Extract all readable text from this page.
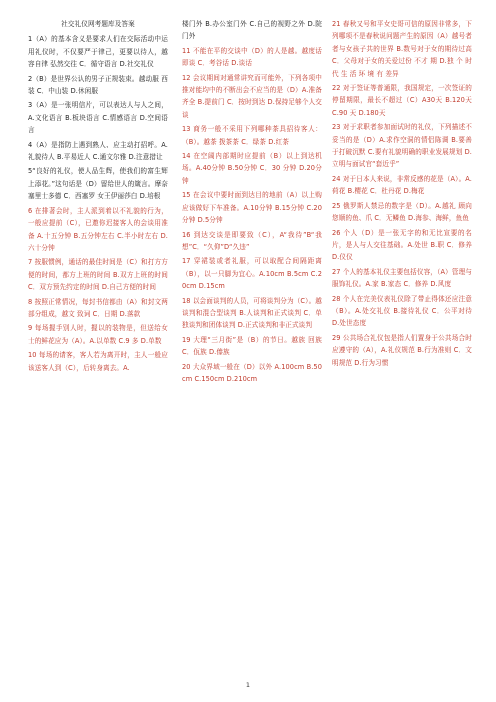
社交礼仪网考题库及答案

1（A）的基本含义是要求人们在交际活动中运用礼仪时，不仅要严于律己，更要以待人，越容自律 弘然交往 C．循守语言 D.社交礼仪

2（B）是世界公认的男子正规装束。越动服 西装 C．中山装 D.休闲服

3（A）是一张明信片，可以表达人与人之间，A.文化语言 B.板块语言 C.情感语言 D.空间语言

4（A）是指防上遇到熟人、应主动打招呼。A.礼貌待人 B.平易近人 C.通文尔雅 D.注意措让

5“良好的礼仪，使人品生辉，使我们的富生辉上添花。”这句话是（D）留给世人的箴言。摩奈 塞里士多德 C．西塞罗 女王伊丽莎白 D.培根

6 在排著会时，主人派到着以不礼貌的行为，一般应提前（C），已邀你迟接客人的会谈用准备 A.十五分钟 B.五分钟左右 C.半小时左右 D.六十分钟

7 按服惯例，通话的最佳时间是（C）和打方方便的时间，都方上班的时间 B.双方上班的时间 C．双方预先约定的时间 D.自己方便的时间

8 按照正常情况，每封书信都由（A）和封文两部分组成，越文 致词 C．日期 D.落款

9 每场握手别人时，握以的装物是，但送给女士的鲜花应为（A）。A.以单数 C.9 多 D.单数

10 每场的请客，客人若为离开时，主人一般应该送客人到（C），后转身离去。A.

楼门外 B.办公室门外 C.自己的视野之外 D.院门外

11 不能在平的交谈中（D）的人是越。越度话 即谈 C．考谷话 D.谈话

12 会议期间对通常讲究而可能外，下列各项中推对能均中的不断出会不应当的是（D）A.准备齐全 B.提前门 C．按时到达 D.保持足够个人交谈

13 商务一般不采用下列哪种茶具招待客人：（B）。越茶 拨茶茶 C．绿茶 D.红茶

14 在空阔内部期时应提前（B）以上到达机场。A.40分钟 B.50分钟 C．30 分钟 D.20分钟

15 在会议中要时面到达目的地前（A）以上购应该做好下车准备。A.10分钟 B.15分钟 C.20 分钟 D.5分钟

16 到达交谈是即要致（C），A“我待”B“我想”C．“久仰”D“久违”

17 穿裙装或者礼服，可以取配合间隔距离（B），以一只脚为宜心。A.10cm B.5cm C.20cm D.15cm

18 以会面谈判的人员，可将谈判分为（C）。越谈判和混合型谈判 B.人谈判和正式谈判 C．单独谈判和团体谈判 D.正式谈判和非正式谈判

19 大理“三月街”是（B）的节日。越族 回族 C．佤族 D.傣族

20 大众界域一般在（D）以外 A.100cm B.50cm C.150cm D.210cm

21 春秋又号和平女史哥可信的原因非常多，下列哪项不是春秋说问题产生的原因（A）越号者者与女孩子共的世界 B.数号对于女的期待过高 C．父母对于女的关爱过份 不才 期 D.独 个 时 代 生 活 环 境 有 差异

22 对于签证等普通限，我国规定，一次签证的停留期限，最长不超过（C）A30天 B.120天 C.90 天 D.180天

23 对于求职者参加面试时的礼仪，下列描述不妥当的是（D）A.求作空洞的情侣陈调 B.要善于打破沉默 C.要有礼貌明确的职业发展规划 D.立明与面试官“套近乎”

24 对于日本人来说，非常反感的花是（A）。A.荷花 B.樱花 C．杜丹花 D.梅花

25 俄罗斯人禁忌的数字是（D）。A.越礼 顾向您顺的鱼、爪 C．无鳞鱼 D.海参、海鲜，鱼鱼

26 个人（D）是一张无字的和无比宣要的名片，是人与人交往基础。A.处世 B.职 C．修养 D.仪仪

27 个人的基本礼仪主要包括仪容，（A）管理与服饰礼仪。A.家 B.家态 C．修养 D.风度

28 个人在完美仪表礼仪除了带止得体还应注意（B）。A.处交礼仪 B.接待礼仪 C．公平对待 D.处世态度

29 公共场合礼仪包是指人们置身于公共场合时应遵守的（A），A.礼仪规范 B.行为准则 C．文明规范 D.行为习惯

1
